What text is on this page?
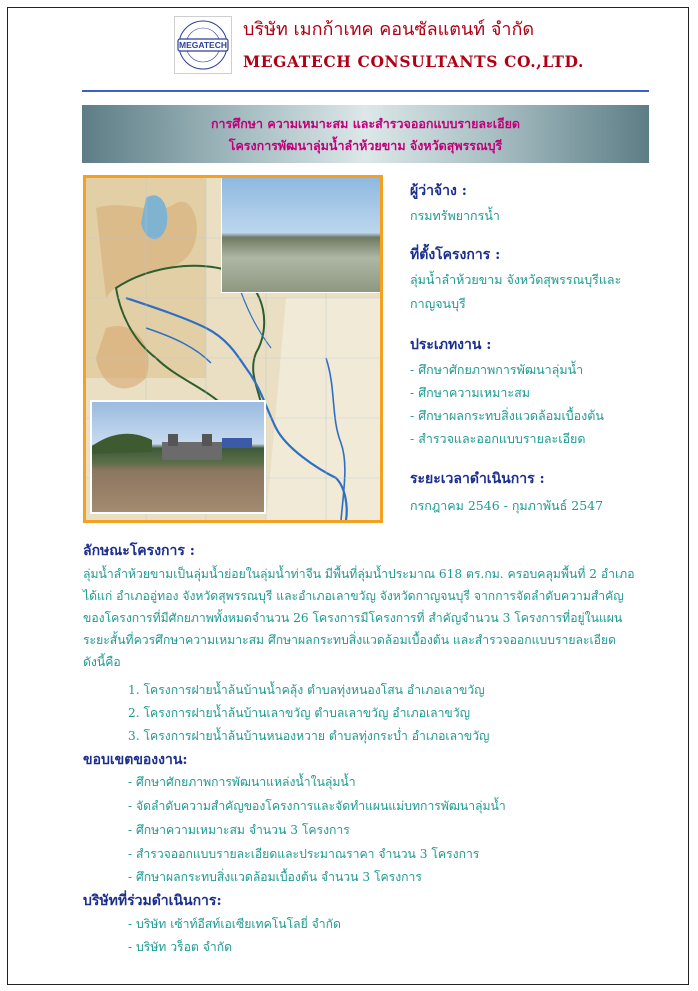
MEGATECH
บริษัท เมกก้าเทค คอนซัลแตนท์ จำกัด
MEGATECH CONSULTANTS CO.,LTD.
การศึกษา ความเหมาะสม และสำรวจออกแบบรายละเอียด
โครงการพัฒนาลุ่มน้ำลำห้วยขาม จังหวัดสุพรรณบุรี
ผู้ว่าจ้าง :
กรมทรัพยากรน้ำ
ที่ตั้งโครงการ :
ลุ่มน้ำลำห้วยขาม จังหวัดสุพรรณบุรีและ
กาญจนบุรี
ประเภทงาน :
- ศึกษาศักยภาพการพัฒนาลุ่มน้ำ
- ศึกษาความเหมาะสม
- ศึกษาผลกระทบสิ่งแวดล้อมเบื้องต้น
- สำรวจและออกแบบรายละเอียด
ระยะเวลาดำเนินการ :
กรกฎาคม 2546 - กุมภาพันธ์ 2547
ลักษณะโครงการ :
ลุ่มน้ำลำห้วยขามเป็นลุ่มน้ำย่อยในลุ่มน้ำท่าจีน มีพื้นที่ลุ่มน้ำประมาณ 618 ตร.กม. ครอบคลุมพื้นที่ 2 อำเภอ
ได้แก่ อำเภออู่ทอง จังหวัดสุพรรณบุรี และอำเภอเลาขวัญ จังหวัดกาญจนบุรี จากการจัดลำดับความสำคัญ
ของโครงการที่มีศักยภาพทั้งหมดจำนวน 26 โครงการมีโครงการที่ สำคัญจำนวน 3 โครงการที่อยู่ในแผน
ระยะสั้นที่ควรศึกษาความเหมาะสม ศึกษาผลกระทบสิ่งแวดล้อมเบื้องต้น และสำรวจออกแบบรายละเอียด
ดังนี้คือ
1. โครงการฝายน้ำล้นบ้านน้ำคลุ้ง ตำบลทุ่งหนองโสน อำเภอเลาขวัญ
2. โครงการฝายน้ำล้นบ้านเลาขวัญ ตำบลเลาขวัญ อำเภอเลาขวัญ
3. โครงการฝายน้ำล้นบ้านหนองหวาย ตำบลทุ่งกระบ่ำ อำเภอเลาขวัญ
ขอบเขตของงาน:
- ศึกษาศักยภาพการพัฒนาแหล่งน้ำในลุ่มน้ำ
- จัดลำดับความสำคัญของโครงการและจัดทำแผนแม่บทการพัฒนาลุ่มน้ำ
- ศึกษาความเหมาะสม จำนวน 3 โครงการ
- สำรวจออกแบบรายละเอียดและประมาณราคา จำนวน 3 โครงการ
- ศึกษาผลกระทบสิ่งแวดล้อมเบื้องต้น จำนวน 3 โครงการ
บริษัทที่ร่วมดำเนินการ:
- บริษัท เซ้าท์อีสท์เอเซียเทคโนโลยี่ จำกัด
- บริษัท วร็อต จำกัด
